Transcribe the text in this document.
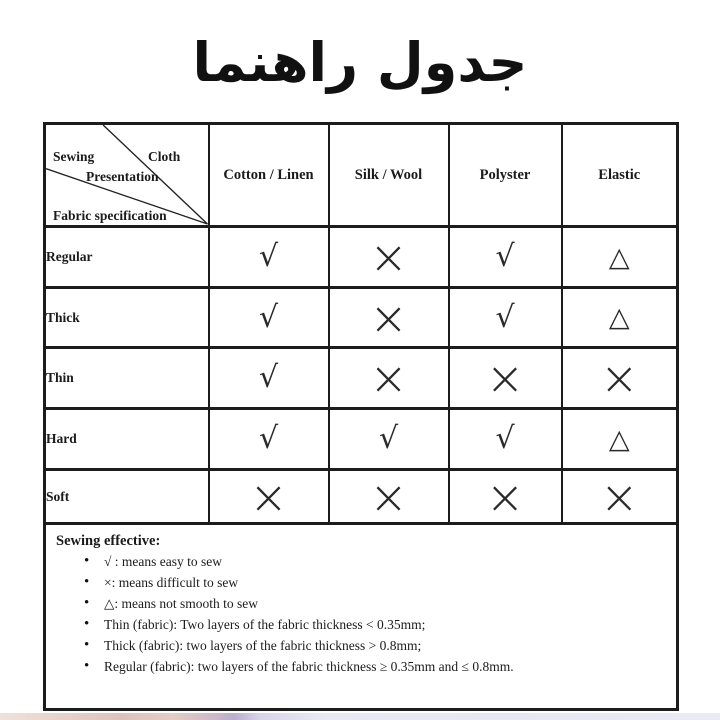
جدول راهنما
Sewing Cloth
Presentation
Fabric specification	Cotton / Linen	Silk / Wool	Polyster	Elastic
Regular	√	×	√	△
Thick	√	×	√	△
Thin	√	×	×	×
Hard	√	√	√	△
Soft	×	×	×	×

Sewing effective:
• √ : means easy to sew
• ×: means difficult to sew
• △: means not smooth to sew
• Thin (fabric): Two layers of the fabric thickness < 0.35mm;
• Thick (fabric): two layers of the fabric thickness > 0.8mm;
• Regular (fabric): two layers of the fabric thickness ≥ 0.35mm and ≤ 0.8mm.
